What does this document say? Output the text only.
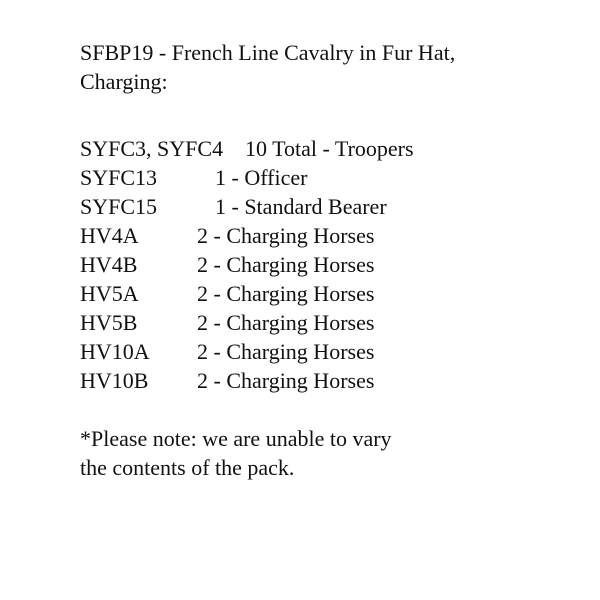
SFBP19 - French Line Cavalry in Fur Hat,
Charging:
SYFC3, SYFC4 10 Total - Troopers
SYFC13	1 - Officer
SYFC15	1 - Standard Bearer
HV4A	2 - Charging Horses
HV4B	2 - Charging Horses
HV5A	2 - Charging Horses
HV5B	2 - Charging Horses
HV10A 2 - Charging Horses
HV10B 2 - Charging Horses
*Please note: we are unable to vary
the contents of the pack.
